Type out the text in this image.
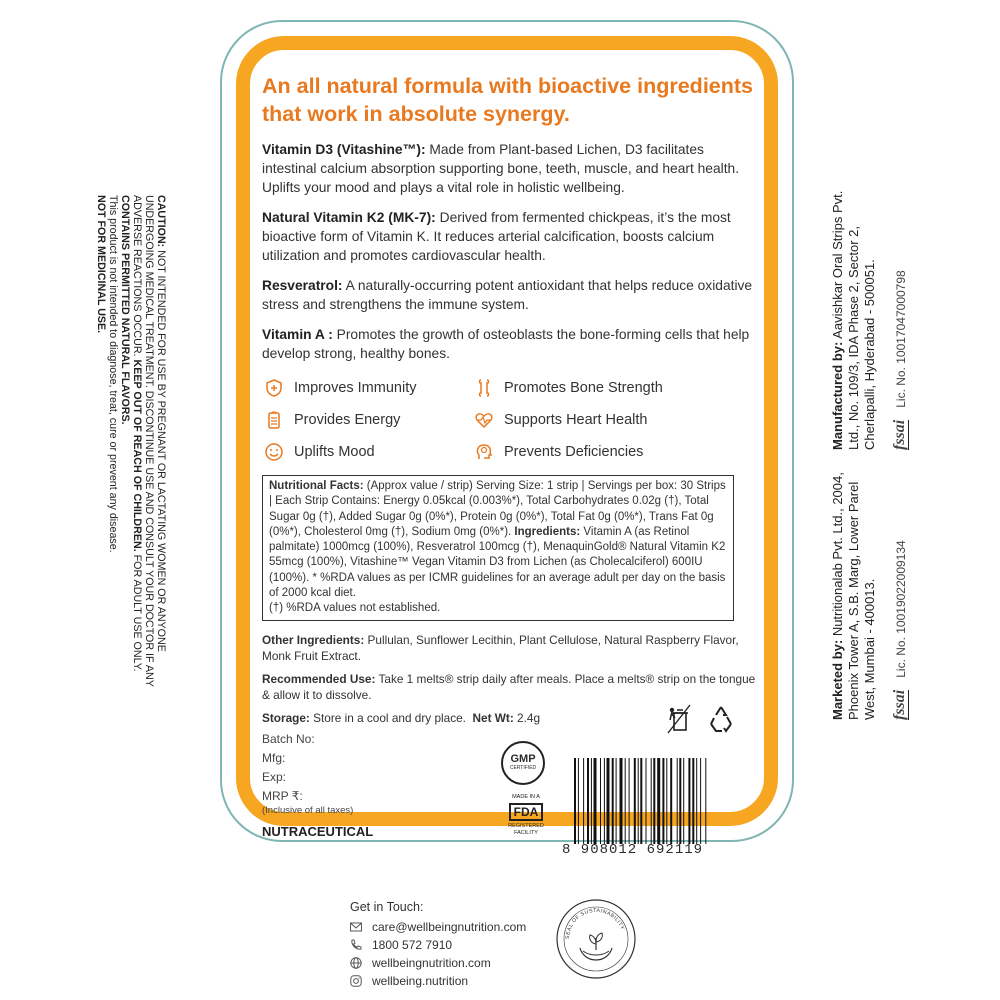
An all natural formula with bioactive ingredients that work in absolute synergy.
Vitamin D3 (Vitashine™): Made from Plant-based Lichen, D3 facilitates intestinal calcium absorption supporting bone, teeth, muscle, and heart health. Uplifts your mood and plays a vital role in holistic wellbeing.
Natural Vitamin K2 (MK-7): Derived from fermented chickpeas, it’s the most bioactive form of Vitamin K. It reduces arterial calcification, boosts calcium utilization and promotes cardiovascular health.
Resveratrol: A naturally-occurring potent antioxidant that helps reduce oxidative stress and strengthens the immune system.
Vitamin A : Promotes the growth of osteoblasts the bone-forming cells that help develop strong, healthy bones.
Improves Immunity	Promotes Bone Strength
Provides Energy	Supports Heart Health
Uplifts Mood	Prevents Deficiencies
Nutritional Facts: (Approx value / strip) Serving Size: 1 strip | Servings per box: 30 Strips | Each Strip Contains: Energy 0.05kcal (0.003%*), Total Carbohydrates 0.02g (†), Total Sugar 0g (†), Added Sugar 0g (0%*), Protein 0g (0%*), Total Fat 0g (0%*), Trans Fat 0g (0%*), Cholesterol 0mg (†), Sodium 0mg (0%*). Ingredients: Vitamin A (as Retinol palmitate) 1000mcg (100%), Resveratrol 100mcg (†), MenaquinGold® Natural Vitamin K2 55mcg (100%), Vitashine™ Vegan Vitamin D3 from Lichen (as Cholecalciferol) 600IU (100%). * %RDA values as per ICMR guidelines for an average adult per day on the basis of 2000 kcal diet.
(†) %RDA values not established.
Other Ingredients: Pullulan, Sunflower Lecithin, Plant Cellulose, Natural Raspberry Flavor, Monk Fruit Extract.
Recommended Use: Take 1 melts® strip daily after meals. Place a melts® strip on the tongue & allow it to dissolve.
Storage: Store in a cool and dry place. Net Wt: 2.4g
Batch No:
Mfg:
Exp:
MRP ₹:
(Inclusive of all taxes)
NUTRACEUTICAL
GMP
CERTIFIED
MADE IN A
FDA
REGISTERED
FACILITY
8 908012 692119
CAUTION: NOT INTENDED FOR USE BY PREGNANT OR LACTATING WOMEN OR ANYONE UNDERGOING MEDICAL TREATMENT. DISCONTINUE USE AND CONSULT YOUR DOCTOR IF ANY ADVERSE REACTIONS OCCUR. KEEP OUT OF REACH OF CHILDREN. FOR ADULT USE ONLY. CONTAINS PERMITTED NATURAL FLAVORS.
This product is not intended to diagnose, treat, cure or prevent any disease.
NOT FOR MEDICINAL USE.
Manufactured by: Aavishkar Oral Strips Pvt. Ltd., No. 109/3, IDA Phase 2, Sector 2, Cherlapalli, Hyderabad - 500051. fssai
Lic. No. 10017047000798
Marketed by: Nutritionalab Pvt. Ltd., 2004, Phoenix Tower A, S.B. Marg, Lower Parel West, Mumbai - 400013. fssai
Lic. No. 10019022009134
Get in Touch:
care@wellbeingnutrition.com
1800 572 7910
wellbeingnutrition.com
wellbeing.nutrition
SEAL OF SUSTAINABILITY
